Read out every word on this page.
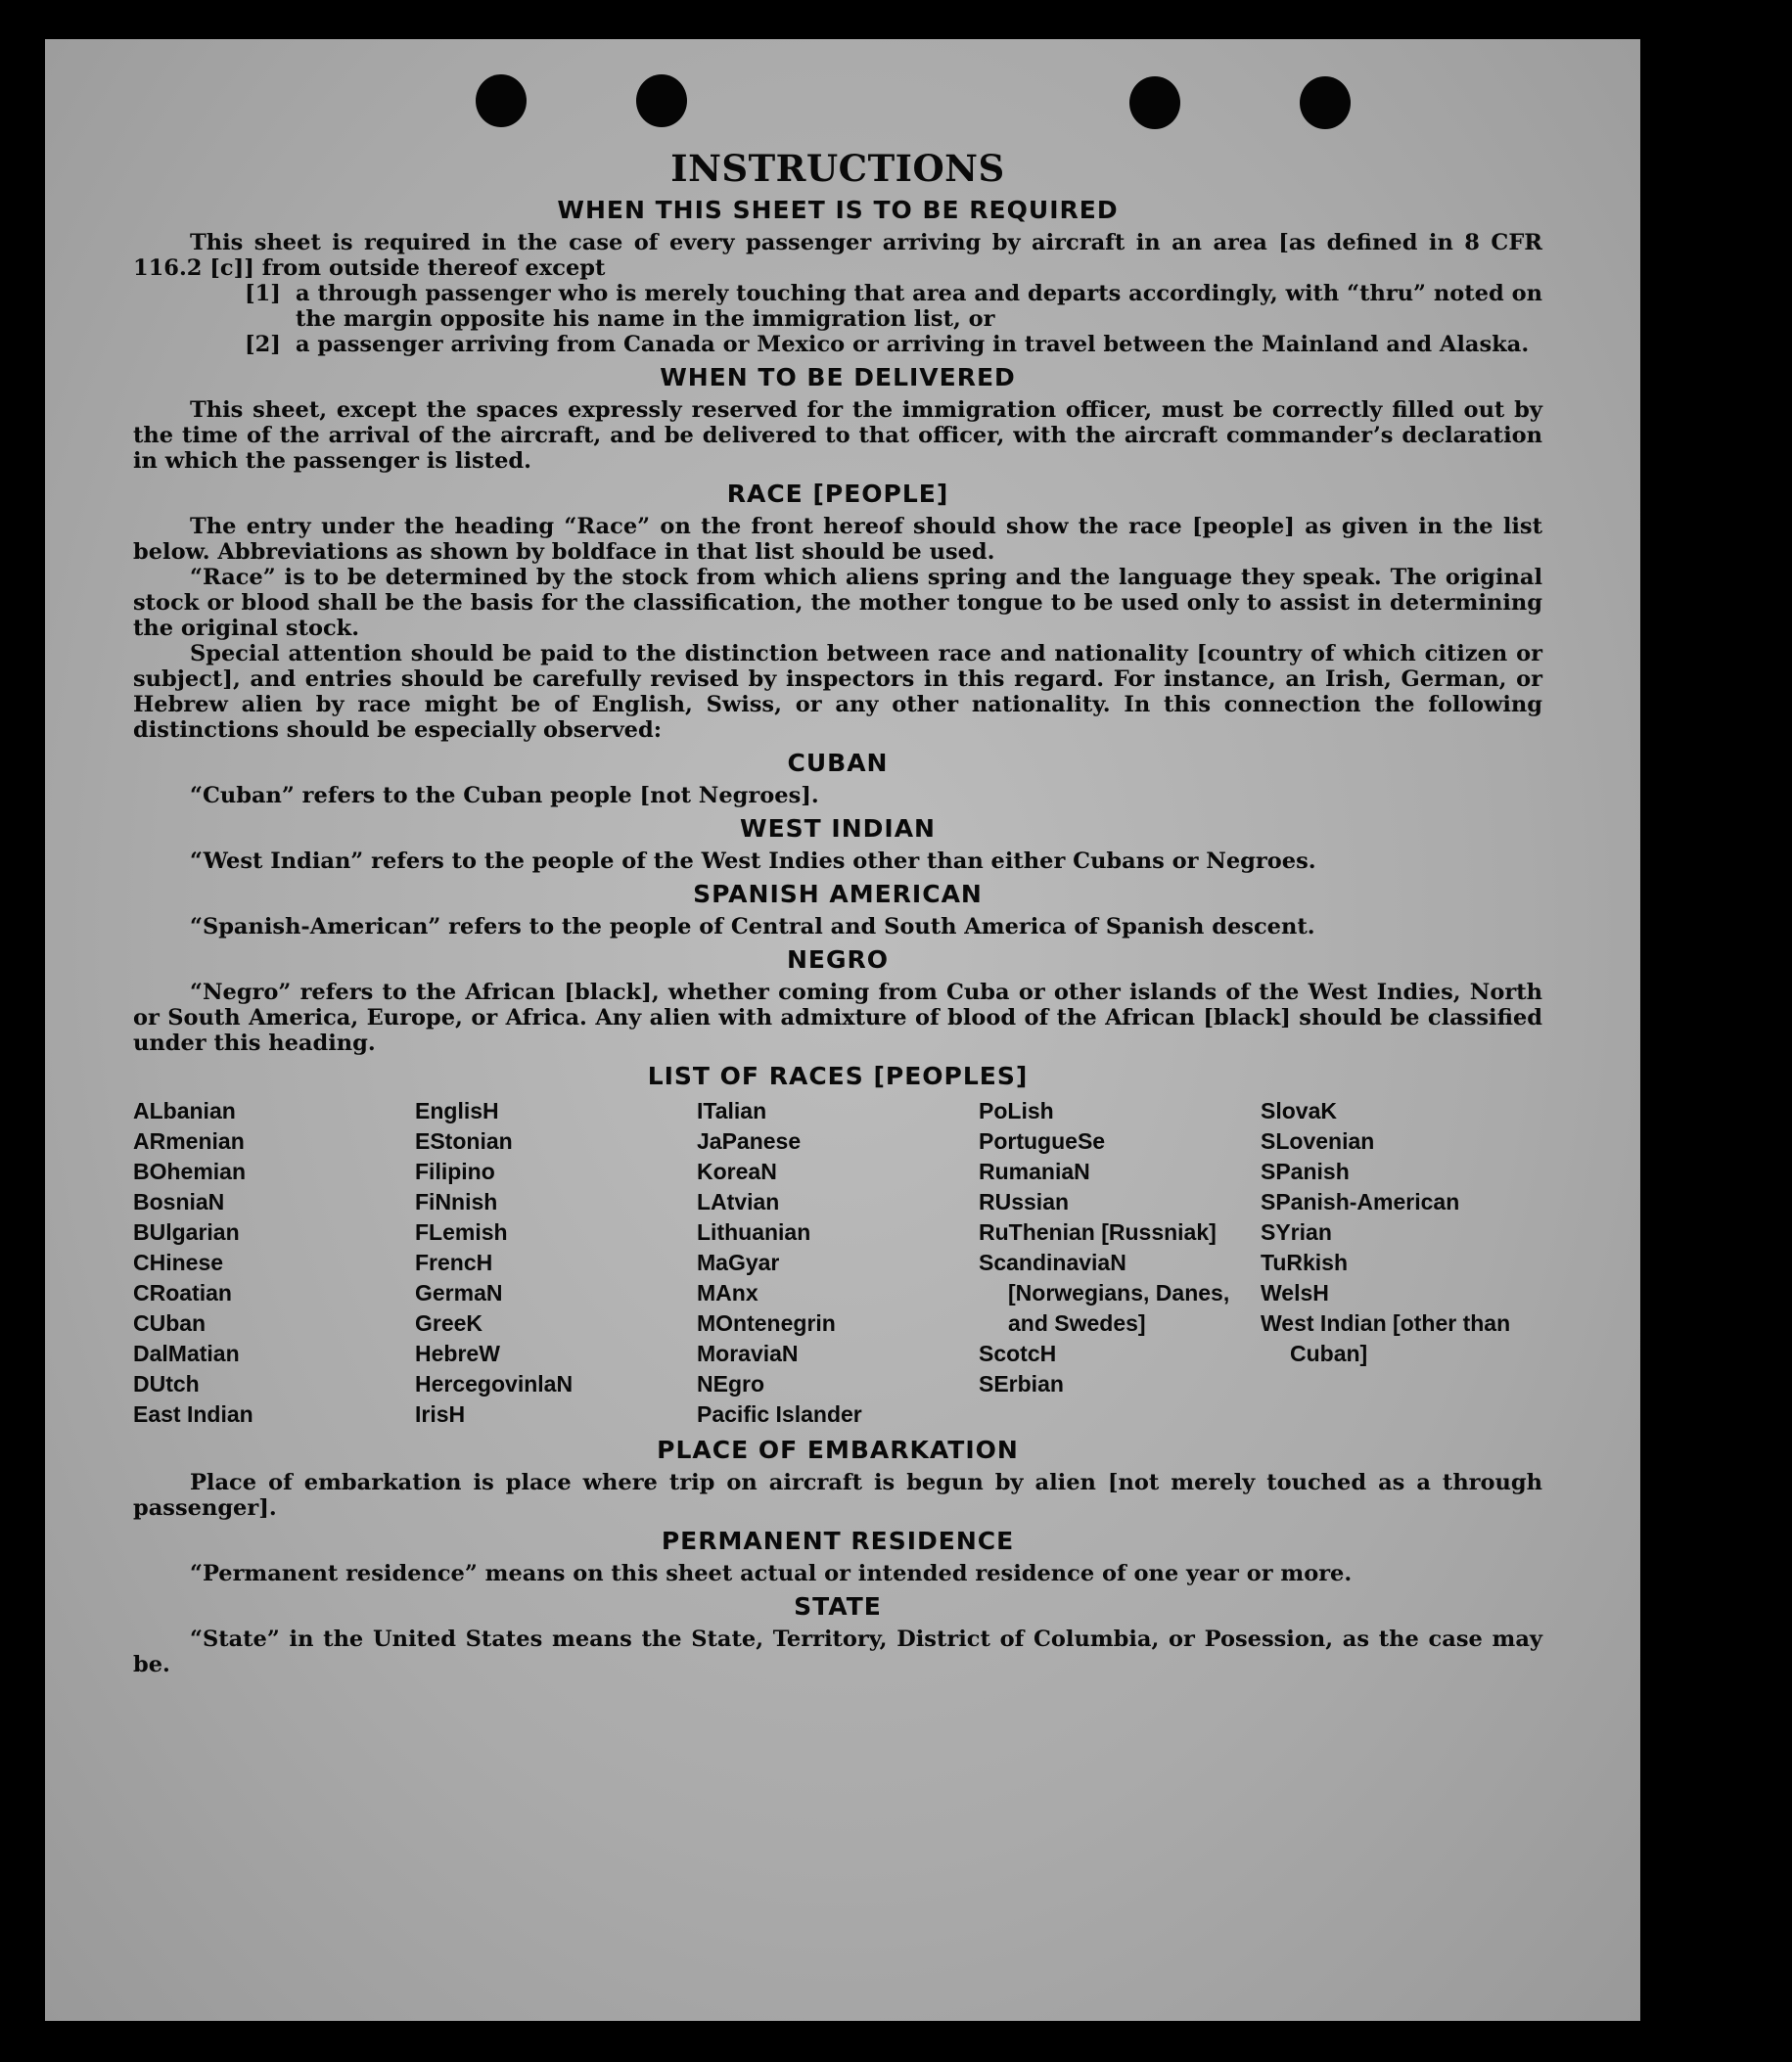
INSTRUCTIONS
WHEN THIS SHEET IS TO BE REQUIRED

This sheet is required in the case of every passenger arriving by aircraft in an area [as defined in 8 CFR 116.2 [c]] from outside thereof except

[1] a through passenger who is merely touching that area and departs accordingly, with “thru” noted on the margin opposite his name in the immigration list, or

[2] a passenger arriving from Canada or Mexico or arriving in travel between the Mainland and Alaska.

WHEN TO BE DELIVERED

This sheet, except the spaces expressly reserved for the immigration officer, must be correctly filled out by the time of the arrival of the aircraft, and be delivered to that officer, with the aircraft commander’s declaration in which the passenger is listed.

RACE [PEOPLE]

The entry under the heading “Race” on the front hereof should show the race [people] as given in the list below. Abbreviations as shown by boldface in that list should be used.

“Race” is to be determined by the stock from which aliens spring and the language they speak. The original stock or blood shall be the basis for the classification, the mother tongue to be used only to assist in determining the original stock.

Special attention should be paid to the distinction between race and nationality [country of which citizen or subject], and entries should be carefully revised by inspectors in this regard. For instance, an Irish, German, or Hebrew alien by race might be of English, Swiss, or any other nationality. In this connection the following distinctions should be especially observed:

CUBAN

“Cuban” refers to the Cuban people [not Negroes].

WEST INDIAN

“West Indian” refers to the people of the West Indies other than either Cubans or Negroes.

SPANISH AMERICAN

“Spanish-American” refers to the people of Central and South America of Spanish descent.

NEGRO

“Negro” refers to the African [black], whether coming from Cuba or other islands of the West Indies, North or South America, Europe, or Africa. Any alien with admixture of blood of the African [black] should be classified under this heading.

LIST OF RACES [PEOPLES]
ALbanian
ARmenian
BOhemian
BosniaN
BUlgarian
CHinese
CRoatian
CUban
DalMatian
DUtch
East Indian
EnglisH
EStonian
Filipino
FiNnish
FLemish
FrencH
GermaN
GreeK
HebreW
HercegovinlaN
IrisH
ITalian
JaPanese
KoreaN
LAtvian
Lithuanian
MaGyar
MAnx
MOntenegrin
MoraviaN
NEgro
Pacific Islander
PoLish
PortugueSe
RumaniaN
RUssian
RuThenian [Russniak]
ScandinaviaN [Norwegians, Danes, and Swedes]
ScotcH
SErbian
SlovaK
SLovenian
SPanish
SPanish-American
SYrian
TuRkish
WelsH
West Indian [other than Cuban]
PLACE OF EMBARKATION

Place of embarkation is place where trip on aircraft is begun by alien [not merely touched as a through passenger].

PERMANENT RESIDENCE

“Permanent residence” means on this sheet actual or intended residence of one year or more.

STATE

“State” in the United States means the State, Territory, District of Columbia, or Posession, as the case may be.
